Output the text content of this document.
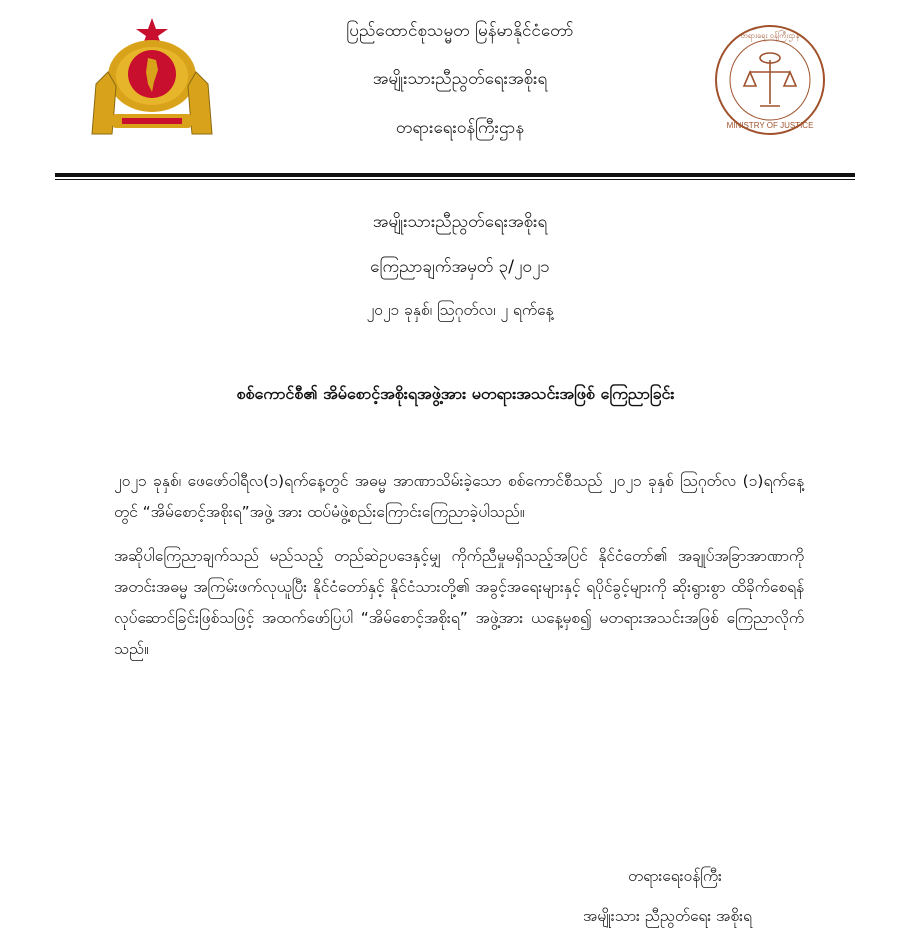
ပြည်ထောင်စုသမ္မတ မြန်မာနိုင်ငံတော်
အမျိုးသားညီညွတ်ရေးအစိုးရ
တရားရေးဝန်ကြီးဌာန	MINISTRY OF JUSTICE
တရားရေး ဝန်ကြီးဌာန
အမျိုးသားညီညွတ်ရေးအစိုးရ
ကြေညာချက်အမှတ် ၃/၂၀၂၁
၂၀၂၁ ခုနှစ်၊ ဩဂုတ်လ၊ ၂ ရက်နေ့
စစ်ကောင်စီ၏ အိမ်စောင့်အစိုးရအဖွဲ့အား မတရားအသင်းအဖြစ် ကြေညာခြင်း
၂၀၂၁ ခုနှစ်၊ ဖေဖော်ဝါရီလ(၁)ရက်နေ့တွင် အဓမ္မ အာဏာသိမ်းခဲ့သော စစ်ကောင်စီသည် ၂၀၂၁ ခုနှစ် ဩဂုတ်လ (၁)ရက်နေ့ တွင် “အိမ်စောင့်အစိုးရ”အဖွဲ့ အား ထပ်မံဖွဲ့စည်းကြောင်းကြေညာခဲ့ပါသည်။
အဆိုပါကြေညာချက်သည် မည်သည့် တည်ဆဲဥပဒေနှင့်မျှ ကိုက်ညီမှုမရှိသည့်အပြင် နိုင်ငံတော်၏ အချုပ်အခြာအာဏာကို အတင်းအဓမ္မ အကြမ်းဖက်လုယူပြီး နိုင်ငံတော်နှင့် နိုင်ငံသားတို့၏ အခွင့်အရေးများနှင့် ရပိုင်ခွင့်များကို ဆိုးရွားစွာ ထိခိုက်စေရန် လုပ်ဆောင်ခြင်းဖြစ်သဖြင့် အထက်ဖော်ပြပါ “အိမ်စောင့်အစိုးရ” အဖွဲ့အား ယနေ့မှစ၍ မတရားအသင်းအဖြစ် ကြေညာလိုက်သည်။
တရားရေးဝန်ကြီး
အမျိုးသား ညီညွတ်ရေး အစိုးရ
